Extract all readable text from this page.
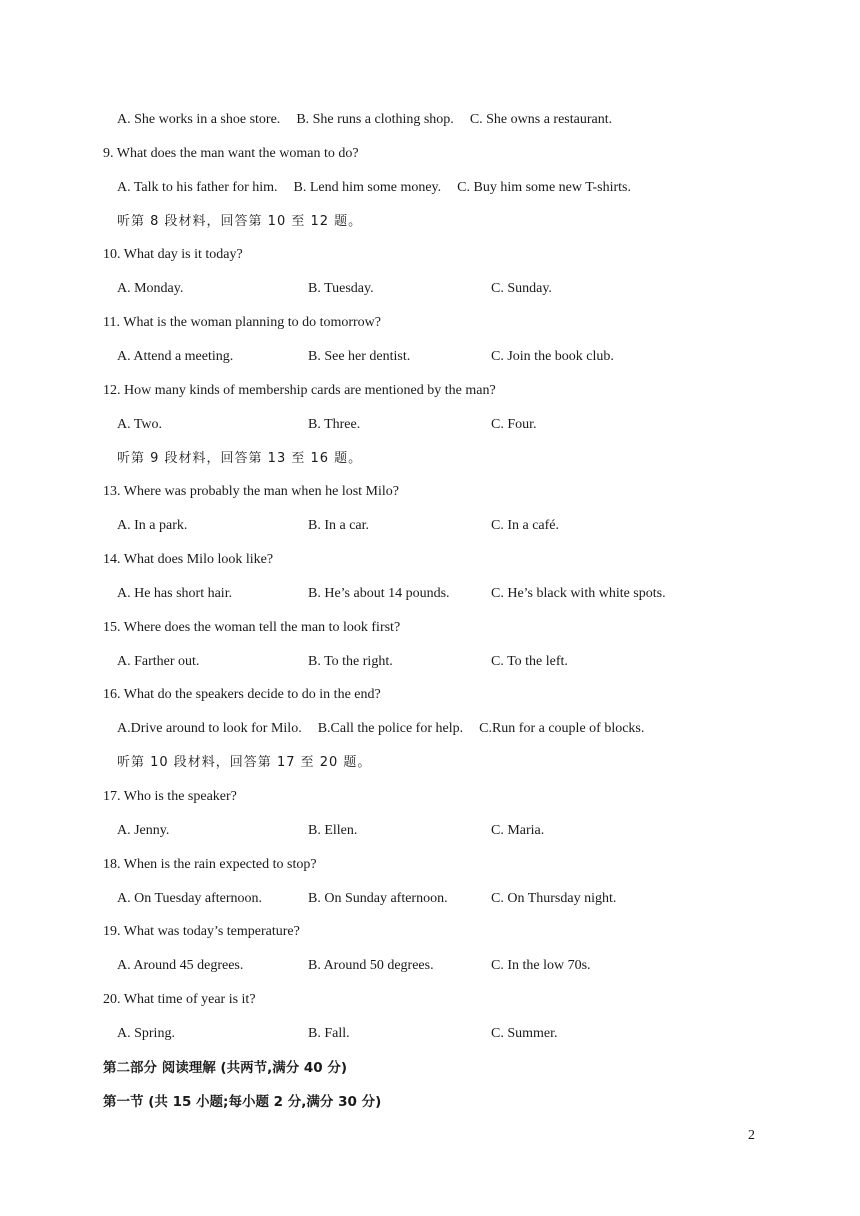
A. She works in a shoe store. B. She runs a clothing shop. C. She owns a restaurant.
9. What does the man want the woman to do?
A. Talk to his father for him. B. Lend him some money. C. Buy him some new T-shirts.
听第 8 段材料，回答第 10 至 12 题。
10. What day is it today?
A. Monday.	B. Tuesday.	C. Sunday.
11. What is the woman planning to do tomorrow?
A. Attend a meeting.	B. See her dentist.	C. Join the book club.
12. How many kinds of membership cards are mentioned by the man?
A. Two.	B. Three.	C. Four.
听第 9 段材料，回答第 13 至 16 题。
13. Where was probably the man when he lost Milo?
A. In a park.	B. In a car.	C. In a café.
14. What does Milo look like?
A. He has short hair.	B. He’s about 14 pounds.	C. He’s black with white spots.
15. Where does the woman tell the man to look first?
A. Farther out.	B. To the right.	C. To the left.
16. What do the speakers decide to do in the end?
A.Drive around to look for Milo. B.Call the police for help. C.Run for a couple of blocks.
听第 10 段材料，回答第 17 至 20 题。
17. Who is the speaker?
A. Jenny.	B. Ellen.	C. Maria.
18. When is the rain expected to stop?
A. On Tuesday afternoon.	B. On Sunday afternoon.	C. On Thursday night.
19. What was today’s temperature?
A. Around 45 degrees.	B. Around 50 degrees.	C. In the low 70s.
20. What time of year is it?
A. Spring.	B. Fall.	C. Summer.
第二部分 阅读理解 (共两节,满分 40 分)
第一节 (共 15 小题;每小题 2 分,满分 30 分)
2
